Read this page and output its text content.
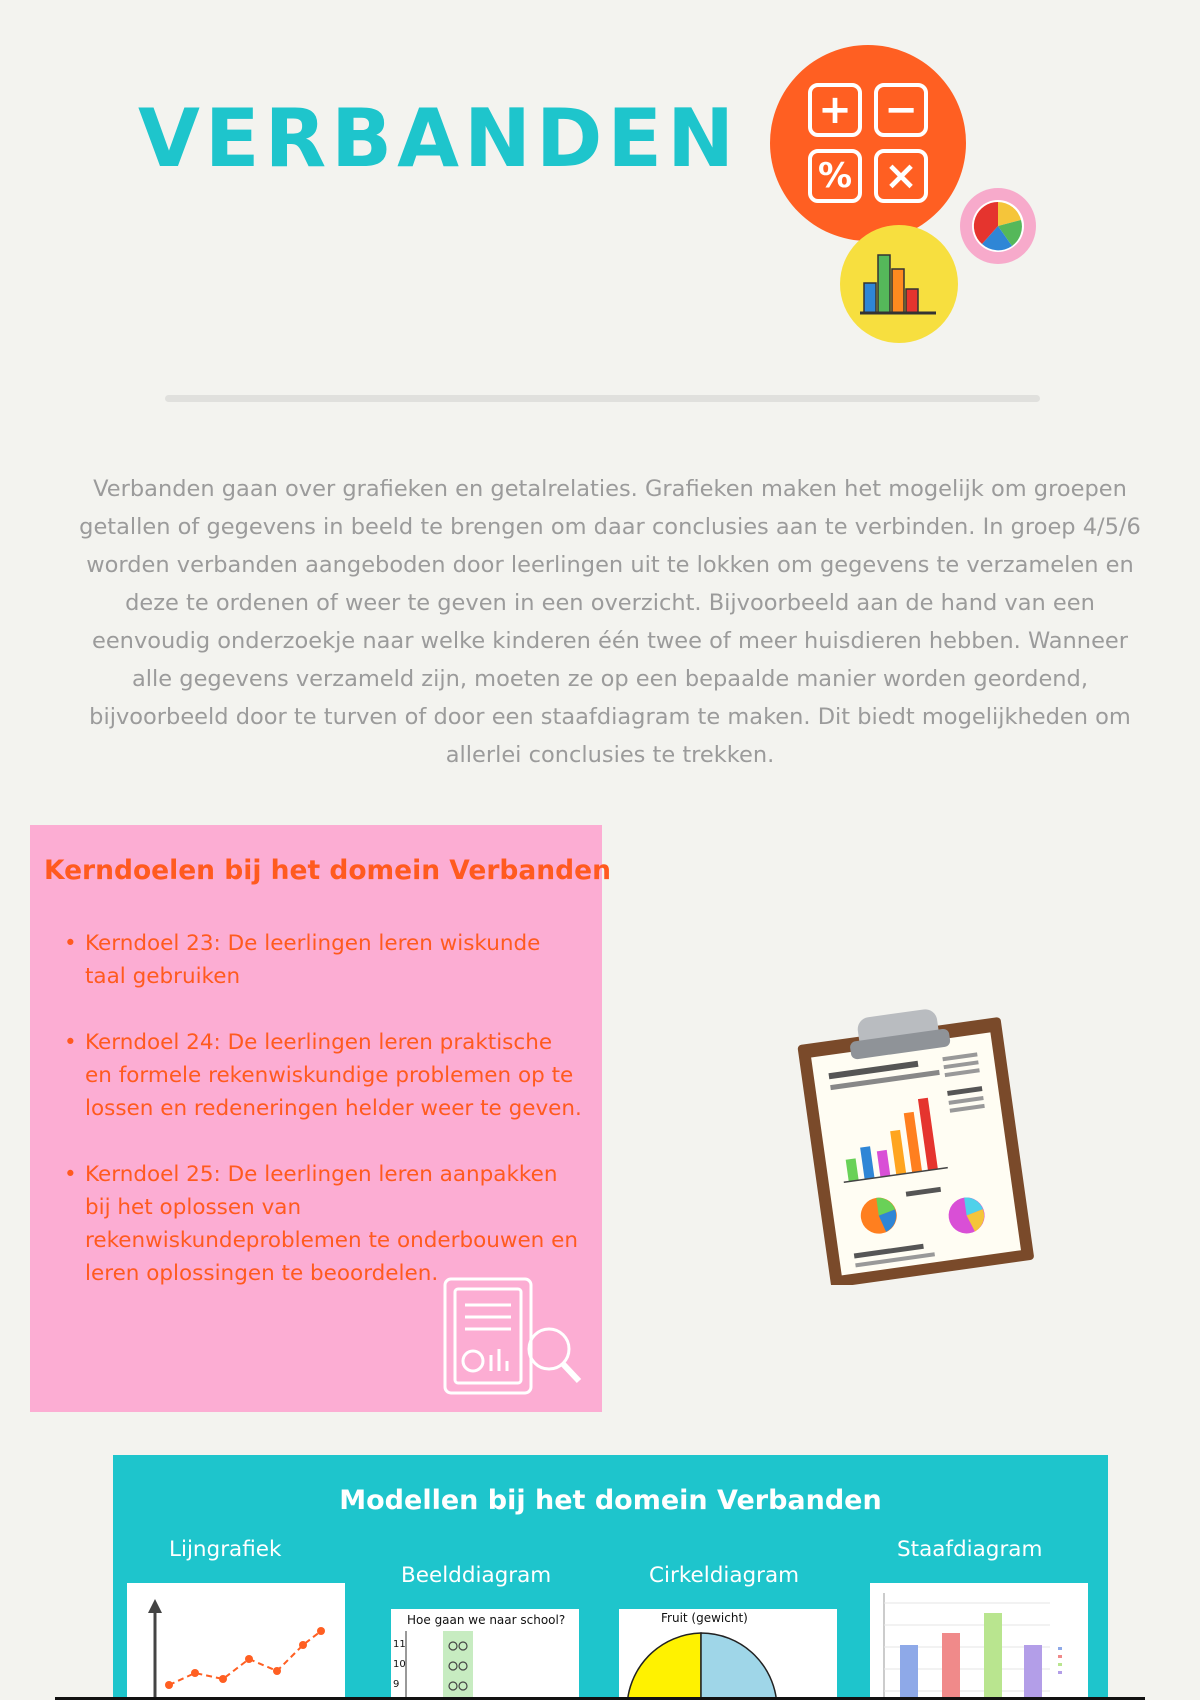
VERBANDEN + −
% ×

Verbanden gaan over grafieken en getalrelaties. Grafieken maken het mogelijk om groepen getallen of gegevens in beeld te brengen om daar conclusies aan te verbinden. In groep 4/5/6 worden verbanden aangeboden door leerlingen uit te lokken om gegevens te verzamelen en deze te ordenen of weer te geven in een overzicht. Bijvoorbeeld aan de hand van een eenvoudig onderzoekje naar welke kinderen één twee of meer huisdieren hebben. Wanneer alle gegevens verzameld zijn, moeten ze op een bepaalde manier worden geordend, bijvoorbeeld door te turven of door een staafdiagram te maken. Dit biedt mogelijkheden om allerlei conclusies te trekken.

Kerndoelen bij het domein Verbanden
• Kerndoel 23: De leerlingen leren wiskunde taal gebruiken
• Kerndoel 24: De leerlingen leren praktische en formele rekenwiskundige problemen op te lossen en redeneringen helder weer te geven.
• Kerndoel 25: De leerlingen leren aanpakken bij het oplossen van rekenwiskundeproblemen te onderbouwen en leren oplossingen te beoordelen.
Modellen bij het domein Verbanden
Lijngrafiek
Beelddiagram	Cirkeldiagram
Staafdiagram
Hoe gaan we naar school?
11
10
9
Fruit (gewicht)
